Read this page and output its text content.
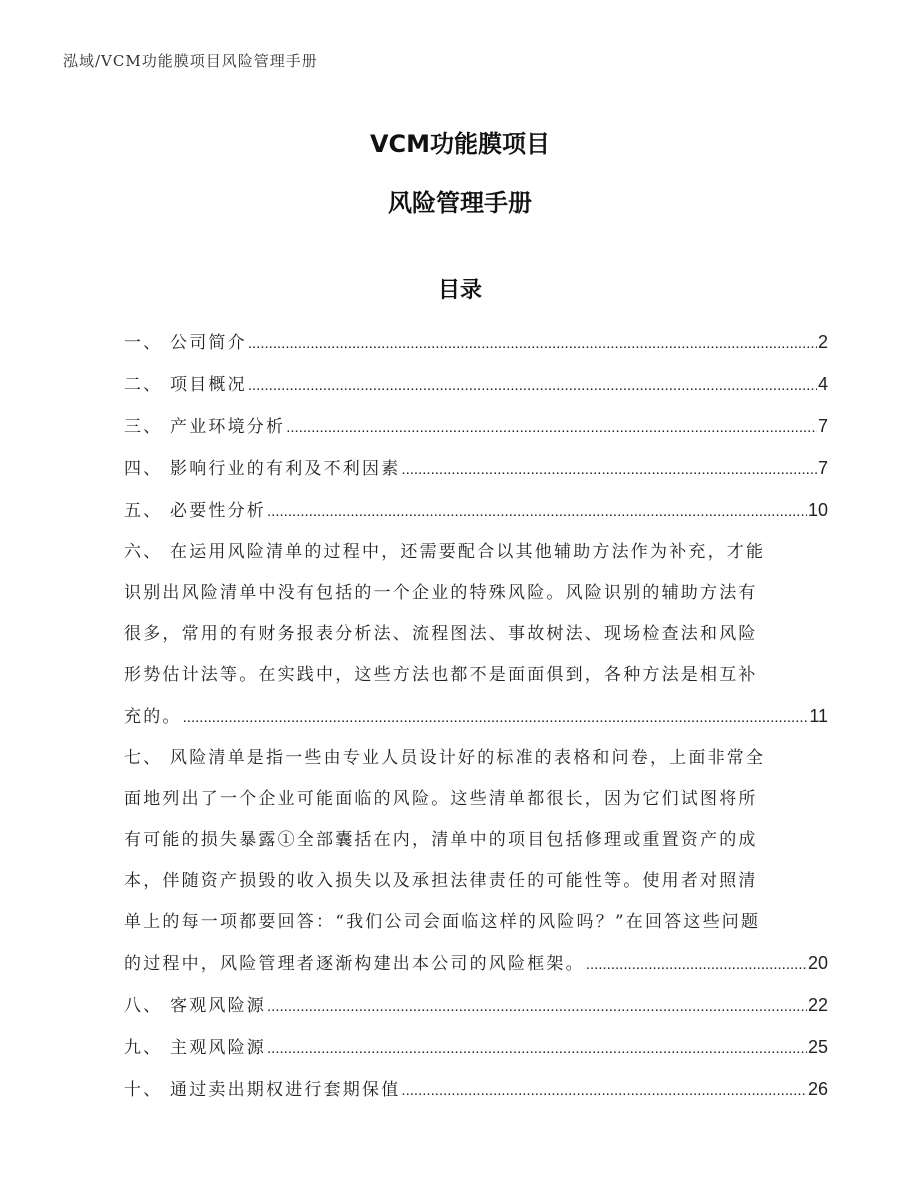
泓域/VCM功能膜项目风险管理手册
VCM功能膜项目
风险管理手册
目录
一、 公司简介 .....	2
二、 项目概况 .....	4
三、 产业环境分析 .....	7
四、 影响行业的有利及不利因素 .....	7
五、 必要性分析 .....	10
六、 在运用风险清单的过程中，还需要配合以其他辅助方法作为补充，才能
识别出风险清单中没有包括的一个企业的特殊风险。风险识别的辅助方法有
很多，常用的有财务报表分析法、流程图法、事故树法、现场检查法和风险
形势估计法等。在实践中，这些方法也都不是面面俱到，各种方法是相互补
充的。 .....	11
七、 风险清单是指一些由专业人员设计好的标准的表格和问卷，上面非常全
面地列出了一个企业可能面临的风险。这些清单都很长，因为它们试图将所
有可能的损失暴露①全部囊括在内，清单中的项目包括修理或重置资产的成
本，伴随资产损毁的收入损失以及承担法律责任的可能性等。使用者对照清
单上的每一项都要回答：“我们公司会面临这样的风险吗？”在回答这些问题
的过程中，风险管理者逐渐构建出本公司的风险框架。 .....	20
八、 客观风险源 .....	22
九、 主观风险源 .....	25
十、 通过卖出期权进行套期保值 .....	26
